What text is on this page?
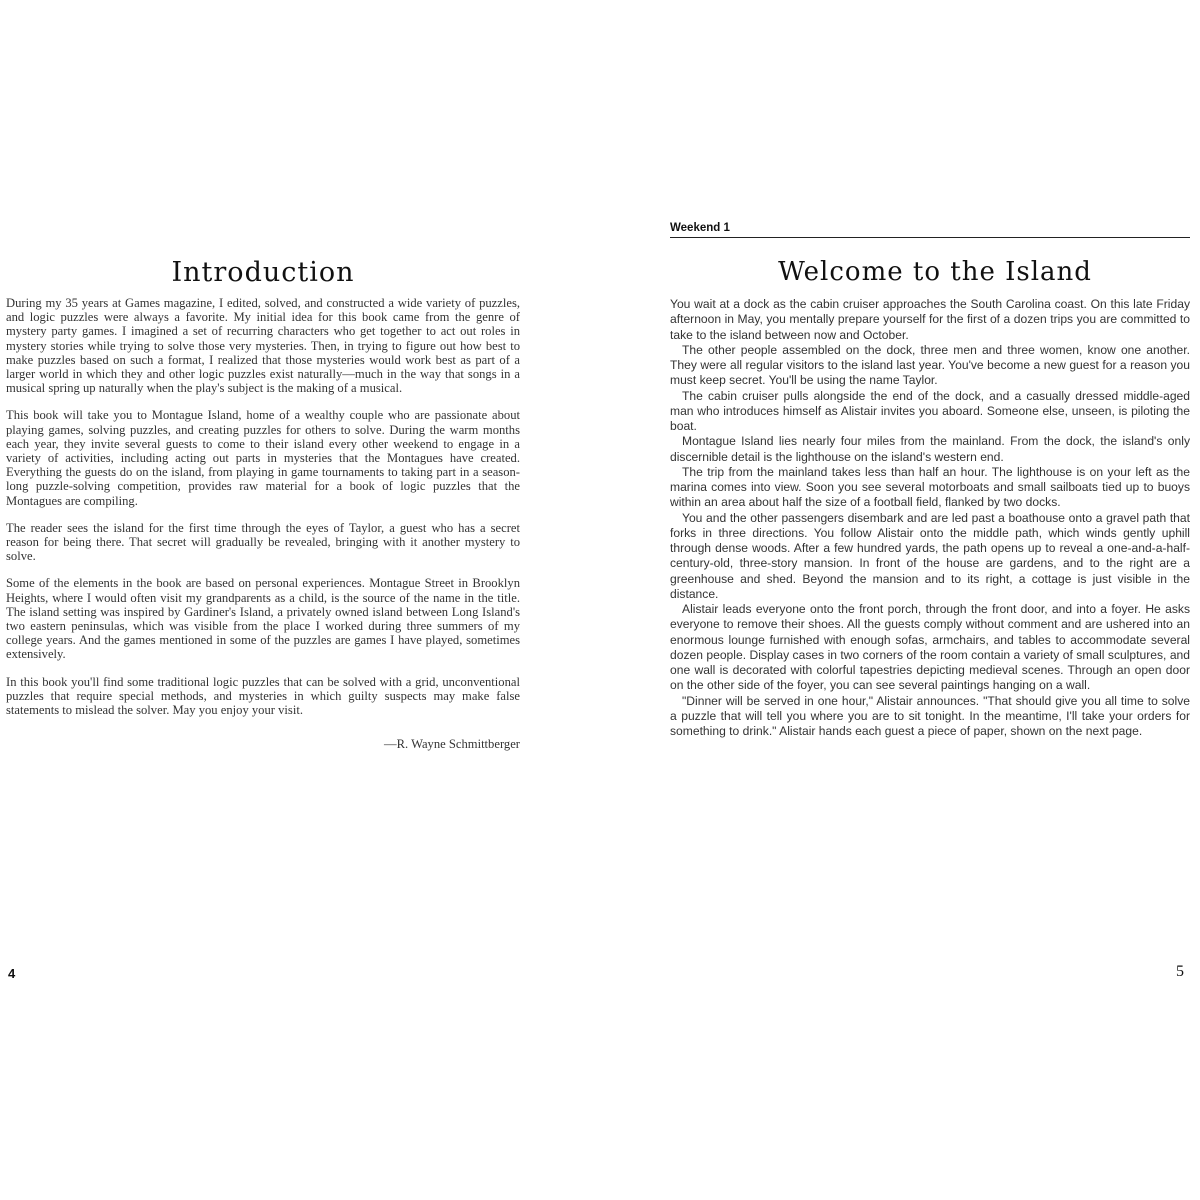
Introduction

During my 35 years at Games magazine, I edited, solved, and constructed a wide variety of puzzles, and logic puzzles were always a favorite. My initial idea for this book came from the genre of mystery party games. I imagined a set of recurring characters who get together to act out roles in mystery stories while trying to solve those very mysteries. Then, in trying to figure out how best to make puzzles based on such a format, I realized that those mysteries would work best as part of a larger world in which they and other logic puzzles exist naturally—much in the way that songs in a musical spring up naturally when the play's subject is the making of a musical.

This book will take you to Montague Island, home of a wealthy couple who are passionate about playing games, solving puzzles, and creating puzzles for others to solve. During the warm months each year, they invite several guests to come to their island every other weekend to engage in a variety of activities, including acting out parts in mysteries that the Montagues have created. Everything the guests do on the island, from playing in game tournaments to taking part in a season-long puzzle-solving competition, provides raw material for a book of logic puzzles that the Montagues are compiling.

The reader sees the island for the first time through the eyes of Taylor, a guest who has a secret reason for being there. That secret will gradually be revealed, bringing with it another mystery to solve.

Some of the elements in the book are based on personal experiences. Montague Street in Brooklyn Heights, where I would often visit my grandparents as a child, is the source of the name in the title. The island setting was inspired by Gardiner's Island, a privately owned island between Long Island's two eastern peninsulas, which was visible from the place I worked during three summers of my college years. And the games mentioned in some of the puzzles are games I have played, sometimes extensively.

In this book you'll find some traditional logic puzzles that can be solved with a grid, unconventional puzzles that require special methods, and mysteries in which guilty suspects may make false statements to mislead the solver. May you enjoy your visit.

—R. Wayne Schmittberger
4
Weekend 1
Welcome to the Island

You wait at a dock as the cabin cruiser approaches the South Carolina coast. On this late Friday afternoon in May, you mentally prepare yourself for the first of a dozen trips you are committed to take to the island between now and October.

The other people assembled on the dock, three men and three women, know one another. They were all regular visitors to the island last year. You've become a new guest for a reason you must keep secret. You'll be using the name Taylor.

The cabin cruiser pulls alongside the end of the dock, and a casually dressed middle-aged man who introduces himself as Alistair invites you aboard. Someone else, unseen, is piloting the boat.

Montague Island lies nearly four miles from the mainland. From the dock, the island's only discernible detail is the lighthouse on the island's western end.

The trip from the mainland takes less than half an hour. The lighthouse is on your left as the marina comes into view. Soon you see several motorboats and small sailboats tied up to buoys within an area about half the size of a football field, flanked by two docks.

You and the other passengers disembark and are led past a boathouse onto a gravel path that forks in three directions. You follow Alistair onto the middle path, which winds gently uphill through dense woods. After a few hundred yards, the path opens up to reveal a one-and-a-half-century-old, three-story mansion. In front of the house are gardens, and to the right are a greenhouse and shed. Beyond the mansion and to its right, a cottage is just visible in the distance.

Alistair leads everyone onto the front porch, through the front door, and into a foyer. He asks everyone to remove their shoes. All the guests comply without comment and are ushered into an enormous lounge furnished with enough sofas, armchairs, and tables to accommodate several dozen people. Display cases in two corners of the room contain a variety of small sculptures, and one wall is decorated with colorful tapestries depicting medieval scenes. Through an open door on the other side of the foyer, you can see several paintings hanging on a wall.

"Dinner will be served in one hour," Alistair announces. "That should give you all time to solve a puzzle that will tell you where you are to sit tonight. In the meantime, I'll take your orders for something to drink." Alistair hands each guest a piece of paper, shown on the next page.

5
